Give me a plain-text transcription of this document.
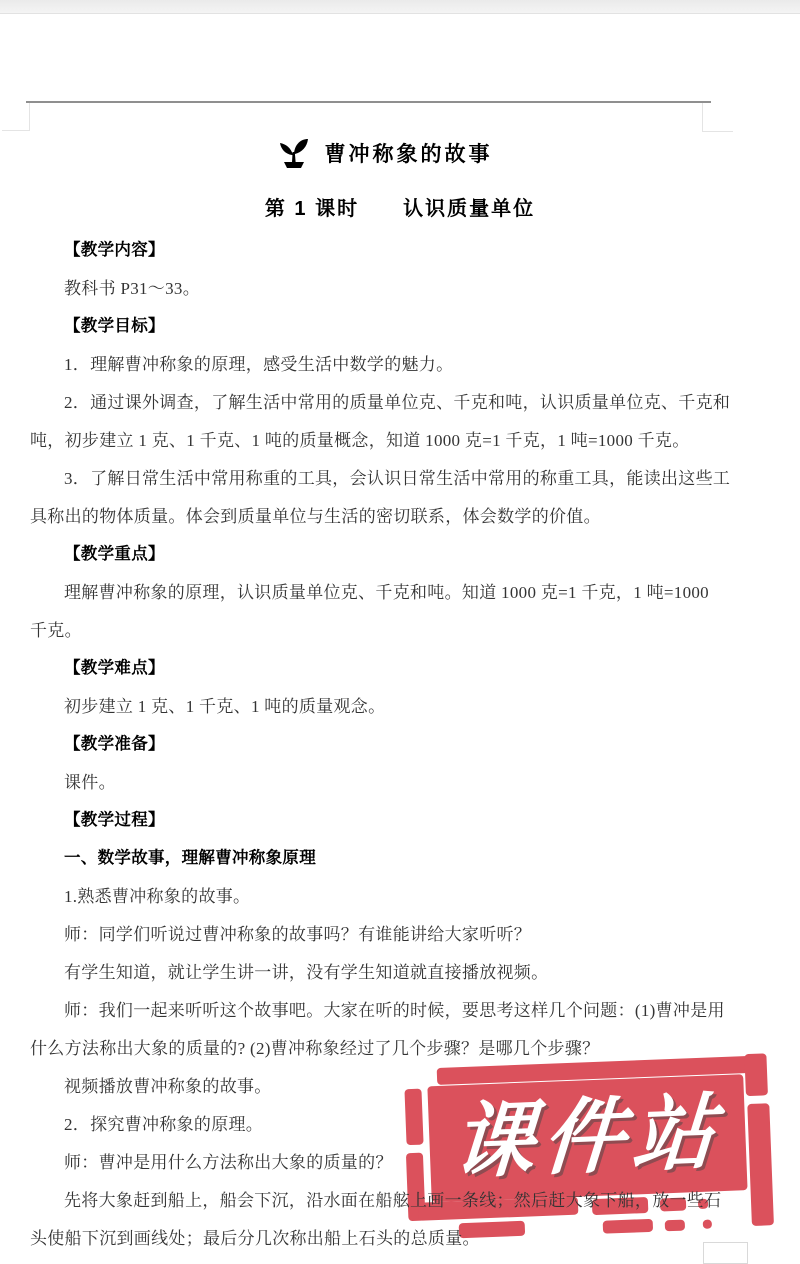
课件站
曹冲称象的故事
第 1 课时　　认识质量单位
【教学内容】
教科书 P31～33。
【教学目标】
1．理解曹冲称象的原理，感受生活中数学的魅力。
2．通过课外调查，了解生活中常用的质量单位克、千克和吨，认识质量单位克、千克和
吨，初步建立 1 克、1 千克、1 吨的质量概念，知道 1000 克=1 千克，1 吨=1000 千克。
3．了解日常生活中常用称重的工具，会认识日常生活中常用的称重工具，能读出这些工
具称出的物体质量。体会到质量单位与生活的密切联系，体会数学的价值。
【教学重点】
理解曹冲称象的原理，认识质量单位克、千克和吨。知道 1000 克=1 千克，1 吨=1000
千克。
【教学难点】
初步建立 1 克、1 千克、1 吨的质量观念。
【教学准备】
课件。
【教学过程】
一、数学故事，理解曹冲称象原理
1.熟悉曹冲称象的故事。
师：同学们听说过曹冲称象的故事吗？有谁能讲给大家听听？
有学生知道，就让学生讲一讲，没有学生知道就直接播放视频。
师：我们一起来听听这个故事吧。大家在听的时候，要思考这样几个问题：(1)曹冲是用
什么方法称出大象的质量的? (2)曹冲称象经过了几个步骤？是哪几个步骤？
视频播放曹冲称象的故事。
2．探究曹冲称象的原理。
师：曹冲是用什么方法称出大象的质量的？
先将大象赶到船上，船会下沉，沿水面在船舷上画一条线；然后赶大象下船，放一些石
头使船下沉到画线处；最后分几次称出船上石头的总质量。
